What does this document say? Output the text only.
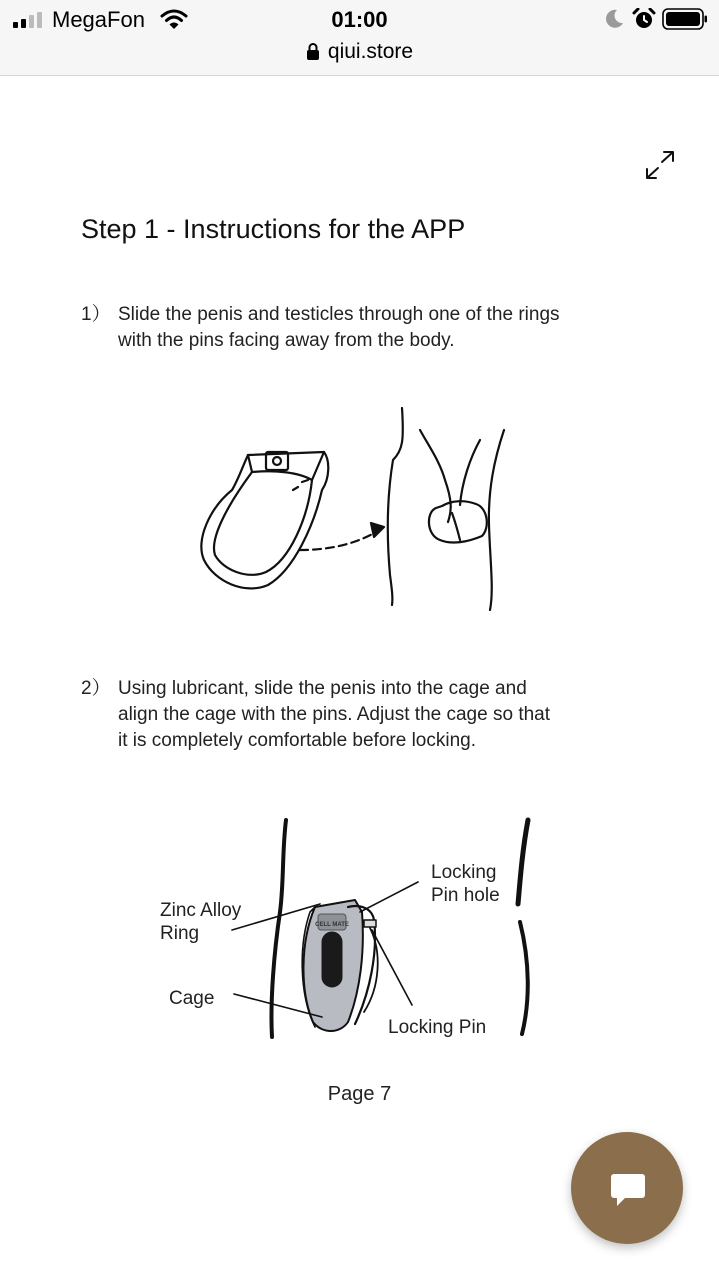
MegaFon	01:00
qiui.store
Step 1 - Instructions for the APP
1） Slide the penis and testicles through one of the rings
with the pins facing away from the body.
2） Using lubricant, slide the penis into the cage and
align the cage with the pins. Adjust the cage so that
it is completely comfortable before locking.
CELL MATE
Locking
Pin hole
Zinc Alloy
Ring
Cage
Locking Pin
Page 7
